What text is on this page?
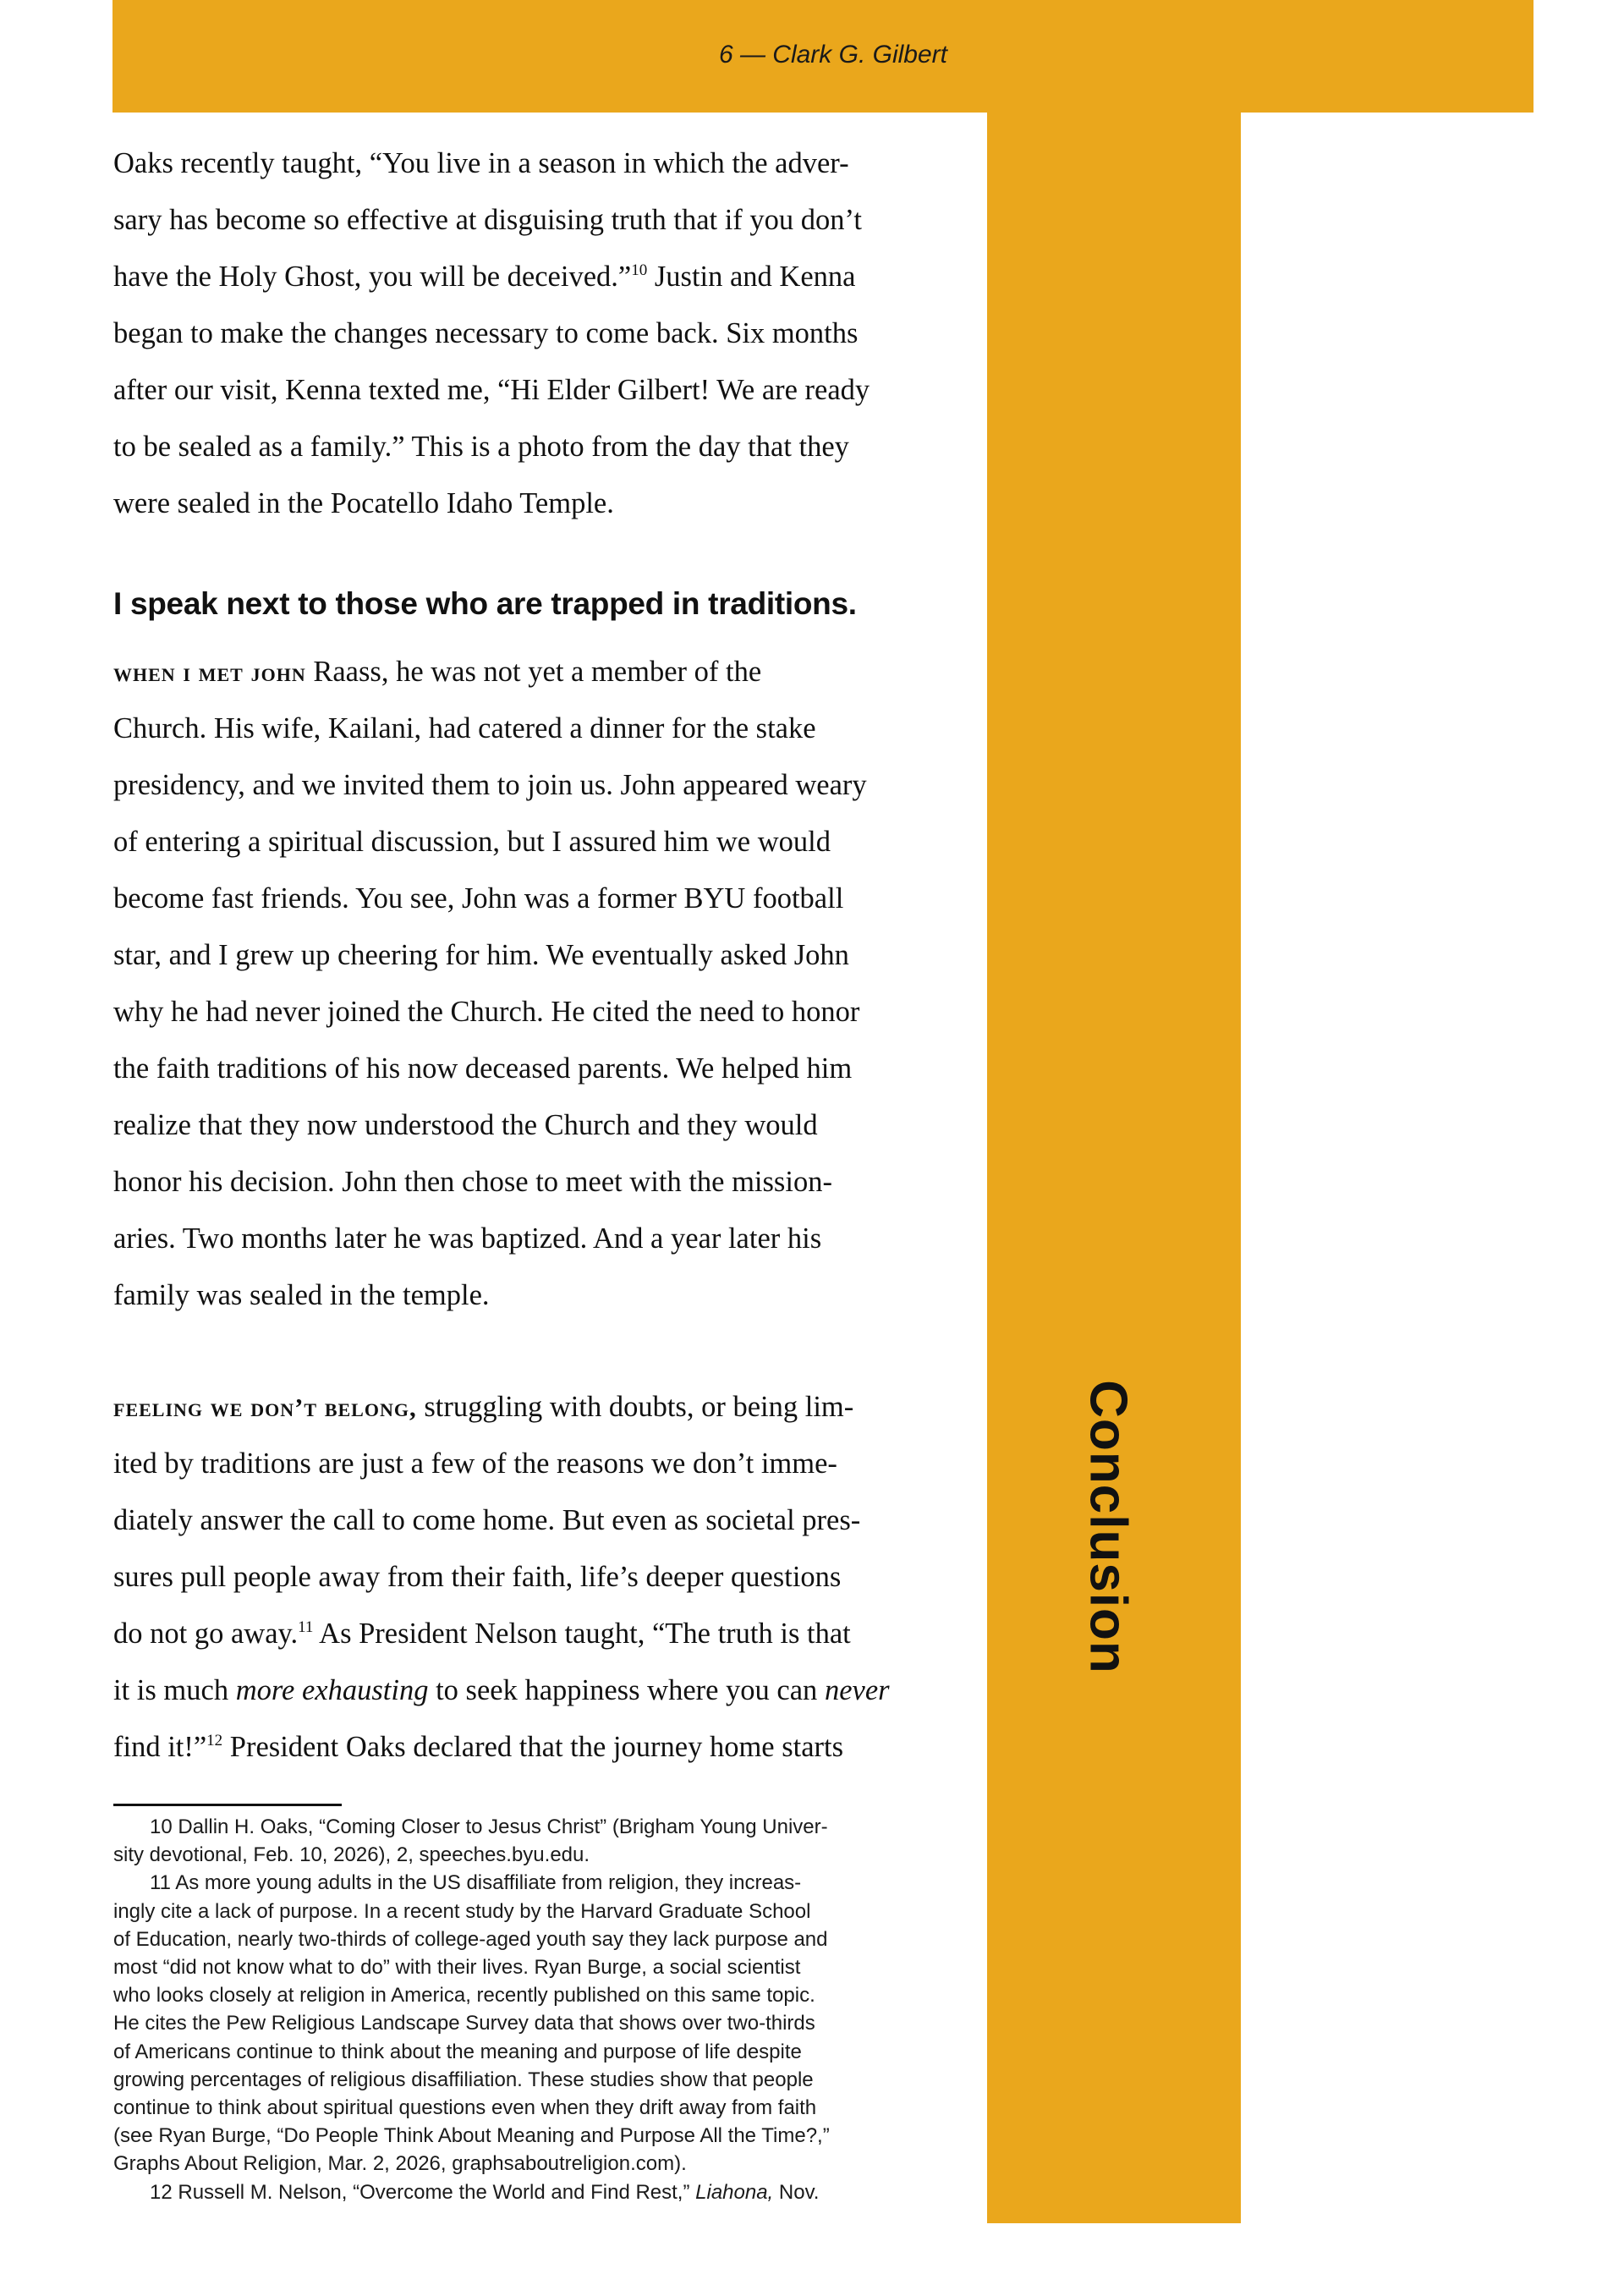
6 — Clark G. Gilbert
Conclusion

Oaks recently taught, “You live in a season in which the adver-
sary has become so effective at disguising truth that if you don’t
have the Holy Ghost, you will be deceived.”$^{10}$ Justin and Kenna
began to make the changes necessary to come back. Six months
after our visit, Kenna texted me, “Hi Elder Gilbert! We are ready
to be sealed as a family.” This is a photo from the day that they
were sealed in the Pocatello Idaho Temple.

I speak next to those who are trapped in traditions.

when i met john Raass, he was not yet a member of the
Church. His wife, Kailani, had catered a dinner for the stake
presidency, and we invited them to join us. John appeared weary
of entering a spiritual discussion, but I assured him we would
become fast friends. You see, John was a former BYU football
star, and I grew up cheering for him. We eventually asked John
why he had never joined the Church. He cited the need to honor
the faith traditions of his now deceased parents. We helped him
realize that they now understood the Church and they would
honor his decision. John then chose to meet with the mission-
aries. Two months later he was baptized. And a year later his
family was sealed in the temple.

feeling we don’t belong, struggling with doubts, or being lim-
ited by traditions are just a few of the reasons we don’t imme-
diately answer the call to come home. But even as societal pres-
sures pull people away from their faith, life’s deeper questions
do not go away.$^{11}$ As President Nelson taught, “The truth is that
it is much more exhausting to seek happiness where you can never
find it!”$^{12}$ President Oaks declared that the journey home starts

10 Dallin H. Oaks, “Coming Closer to Jesus Christ” (Brigham Young Univer-
sity devotional, Feb. 10, 2026), 2, speeches.byu.edu.
11 As more young adults in the US disaffiliate from religion, they increas-
ingly cite a lack of purpose. In a recent study by the Harvard Graduate School
of Education, nearly two-thirds of college-aged youth say they lack purpose and
most “did not know what to do” with their lives. Ryan Burge, a social scientist
who looks closely at religion in America, recently published on this same topic.
He cites the Pew Religious Landscape Survey data that shows over two-thirds
of Americans continue to think about the meaning and purpose of life despite
growing percentages of religious disaffiliation. These studies show that people
continue to think about spiritual questions even when they drift away from faith
(see Ryan Burge, “Do People Think About Meaning and Purpose All the Time?,”
Graphs About Religion, Mar. 2, 2026, graphsaboutreligion.com).
12 Russell M. Nelson, “Overcome the World and Find Rest,” Liahona, Nov.
